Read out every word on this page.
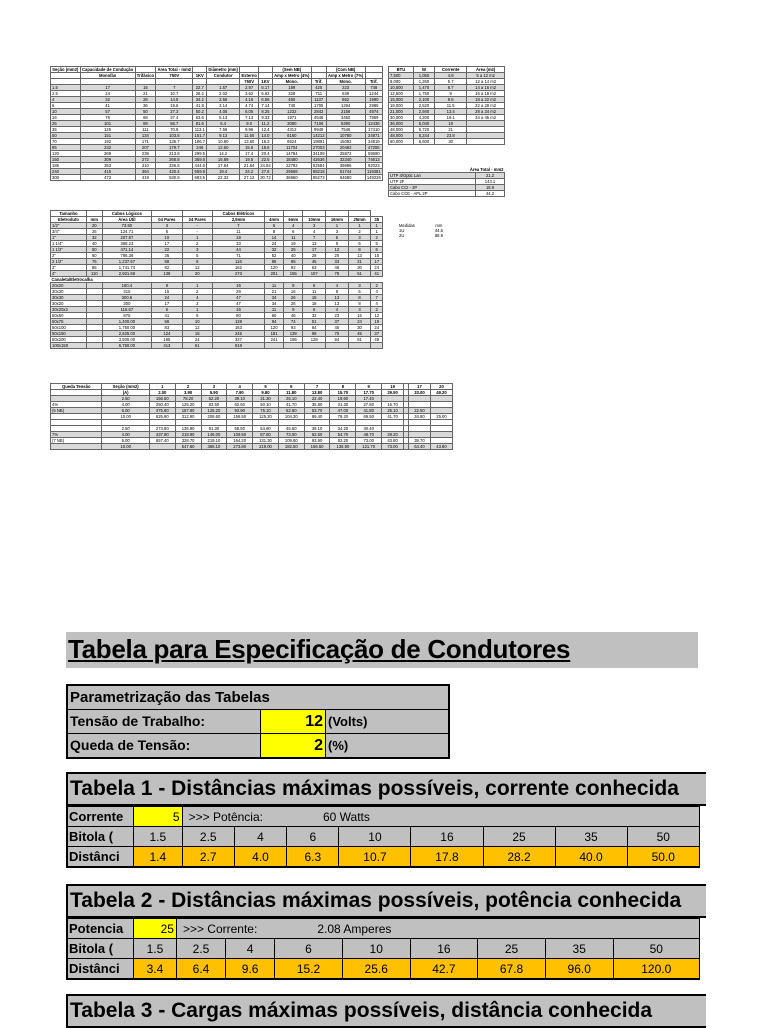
Seção (mm2)	Capacidade de Condução		Área Total - mm2		Diâmetro (mm)			(Sem NB)		(Com NB)	
	Monofás	Trifásico	750V	1KV	Condutor	Externo		Amp x Metro (4%)		Amp x Metro (7%)	
						750V	1KV	Mono.	Trif.	Mono.	Trif.
1.5	17	15	7	22.7	1.57	2.97	5.17	189	425	223	748
2.5	24	21	10.7	28.2	2.02	3.62	5.62	328	711	539	1244
4	32	28	14.5	34.2	2.56	4.16	6.56	460	1137	862	1990
6	41	36	19.6	41.8	3.14	4.74	7.14	740	1705	1294	2985
10	57	50	27.3	50.2	4.05	6.05	8.25	1232	2842	2156	4974
16	76	68	37.4	63.6	5.13	7.13	9.33	1971	4548	3450	7959
25	101	89	56.7	81.6	6.4	9.0	11.2	3080	7106	5390	12436
35	125	111	70.8	113.1	7.56	9.96	12.4	4312	9949	7546	17410
50	151	134	103.8	151.7	9.13	11.50	14.0	6160	14212	10780	24871
70	192	171	135.7	186.7	10.80	13.60	16.3	8624	19891	15092	34819
95	232	207	179.7	246	12.60	15.6	18.6	11704	27003	20482	47255
120	269	239	213.8	299.5	14.2	17.4	20.4	14784	34109	25872	59690
150	309	272	268.8	359.6	15.89	19.5	22.5	18480	42636	32340	74613
185	353	310	336.5	444.6	17.64	21.64	24.84	22792	52584	39886	92023
240	415	364	430.4	559.9	19.4	24.2	27.6	29568	68218	51744	119381
300	473	419	530.9	683.5	22.32	27.12	30.72	36960	85273	64680	149226
BTU	W	Corrente	Área (m2)
7,500	1,050	4.8	5 a 12 m2
9,000	1,260	5.7	12 a 14 m2
10,500	1,470	6.7	14 a 16 m2
12,500	1,750	8	16 a 18 m2
15,000	2,100	9.5	18 a 22 m2
18,000	2,520	11.5	22 a 28 m2
21,000	2,940	13.4	28 a 34 m2
30,000	4,200	19.1	34 a 45 m2
36,000	5,040	19	
48,000	6,720	21	
48,000	5,244	23.8	
60,000	6,600	30	
Área Total - mm2	
UTP 4/Optic Lan	21.2
UTP 2F	143.1
Cabo CCI - 2P	15.9
Cabo CCE - APL 2P	44.2
Tamanho		Cabos Lógicos			Cabos Elétricos						
Eletroduto	mm	Área Útil	04 Pares	24 Pares	2,5mm	4mm	6mm	10mm	16mm	25mm	35
1/2"	20	73.50	3	-	7	5	4	2	1	1	1
3/4"	25	124.71	6	-	11	8	6	4	3	2	1
1"	32	207.87	10	1	19	14	11	7	5	3	2
1 1/4"	40	358.23	17	2	33	24	19	13	9	6	5
1 1/2"	50	471.14	22	3	44	32	25	17	12	8	6
2"	60	786.36	36	5	71	52	40	28	20	13	10
2 1/2"	75	1,237.67	58	8	116	85	65	45	33	21	17
3"	85	1,741.74	82	12	162	120	92	63	46	30	24
4"	110	2,921.66	138	20	273	201	155	107	78	51	41
Canaleta/Eletrocalha											
20x20		180.4	8	1	16	11	9	6	4	3	2
30x30		315	15	2	29	21	16	11	8	5	4
30x30		300.6	24	4	47	34	26	18	13	8	7
30x20		300	17	3	47	34	26	18	13	8	4
30x20x3		116.67	6	1	16	11	9	6	4	3	2
50x50		875	41	6	80	60	46	32	23	15	12
50x75		1,400.00	66	10	128	94	74	51	37	24	19
50x100		1,750.00	83	12	163	120	93	64	46	30	24
50x150		2,625.00	124	18	245	181	139	96	70	45	37
50x200		3,500.00	165	24	327	241	186	128	94	61	49
100x150		6,750.00	413	61	818						
Medidas	mm
1U	44.5
2U	88.9
Queda Tensão	Seção (mm2)	1	2	3	4	5	6	7	8	9	15		17	20
	(A)	2.00	3.90	5.90	7.90	9.80	11.80	13.80	15.70	17.70	29.50		33.00	49.20
	2.50	156.50	78.20	52.20	39.10	31.30	26.10	22.40	19.60	17.40				
4%	4.00	250.40	125.20	83.50	62.60	50.10	41.70	35.80	31.30	27.80	16.70			
(5 NB)	6.00	375.60	187.80	125.20	93.90	75.10	62.60	53.70	47.00	41.80	25.10		22.50	
	10.00	625.90	312.90	208.60	156.50	125.20	104.30	89.40	78.20	69.50	41.70		34.80	25.00

	2.50	273.80	136.90	91.30	68.50	54.80	45.60	39.10	34.20	30.40				
7%	4.00	437.90	218.90	146.00	109.50	87.60	73.00	62.60	54.70	48.70	29.20			
(7 NB)	6.00	657.40	328.70	219.10	164.20	131.30	109.60	93.90	82.20	73.00	43.80		39.70	
	10.00		547.60	365.10	273.80	219.00	182.50	156.50	136.90	121.70	73.00		64.40	43.80
Tabela para Especificação de Condutores
Parametrização das Tabelas
Tensão de Trabalho:	12 (Volts)
Queda de Tensão:	2 (%)
Tabela 1 - Distâncias máximas possíveis, corrente conhecida
Corrente	5	>>> Potência: 60 Watts							
Bitola (	1.5	2.5	4	6	10	16	25	35	50
Distânci	1.4	2.7	4.0	6.3	10.7	17.8	28.2	40.0	50.0
Tabela 2 - Distâncias máximas possíveis, potência conhecida
Potencia	25	>>> Corrente: 2.08 Amperes							
Bitola (	1.5	2.5	4	6	10	16	25	35	50
Distânci	3.4	6.4	9.6	15.2	25.6	42.7	67.8	96.0	120.0
Tabela 3 - Cargas máximas possíveis, distância conhecida
